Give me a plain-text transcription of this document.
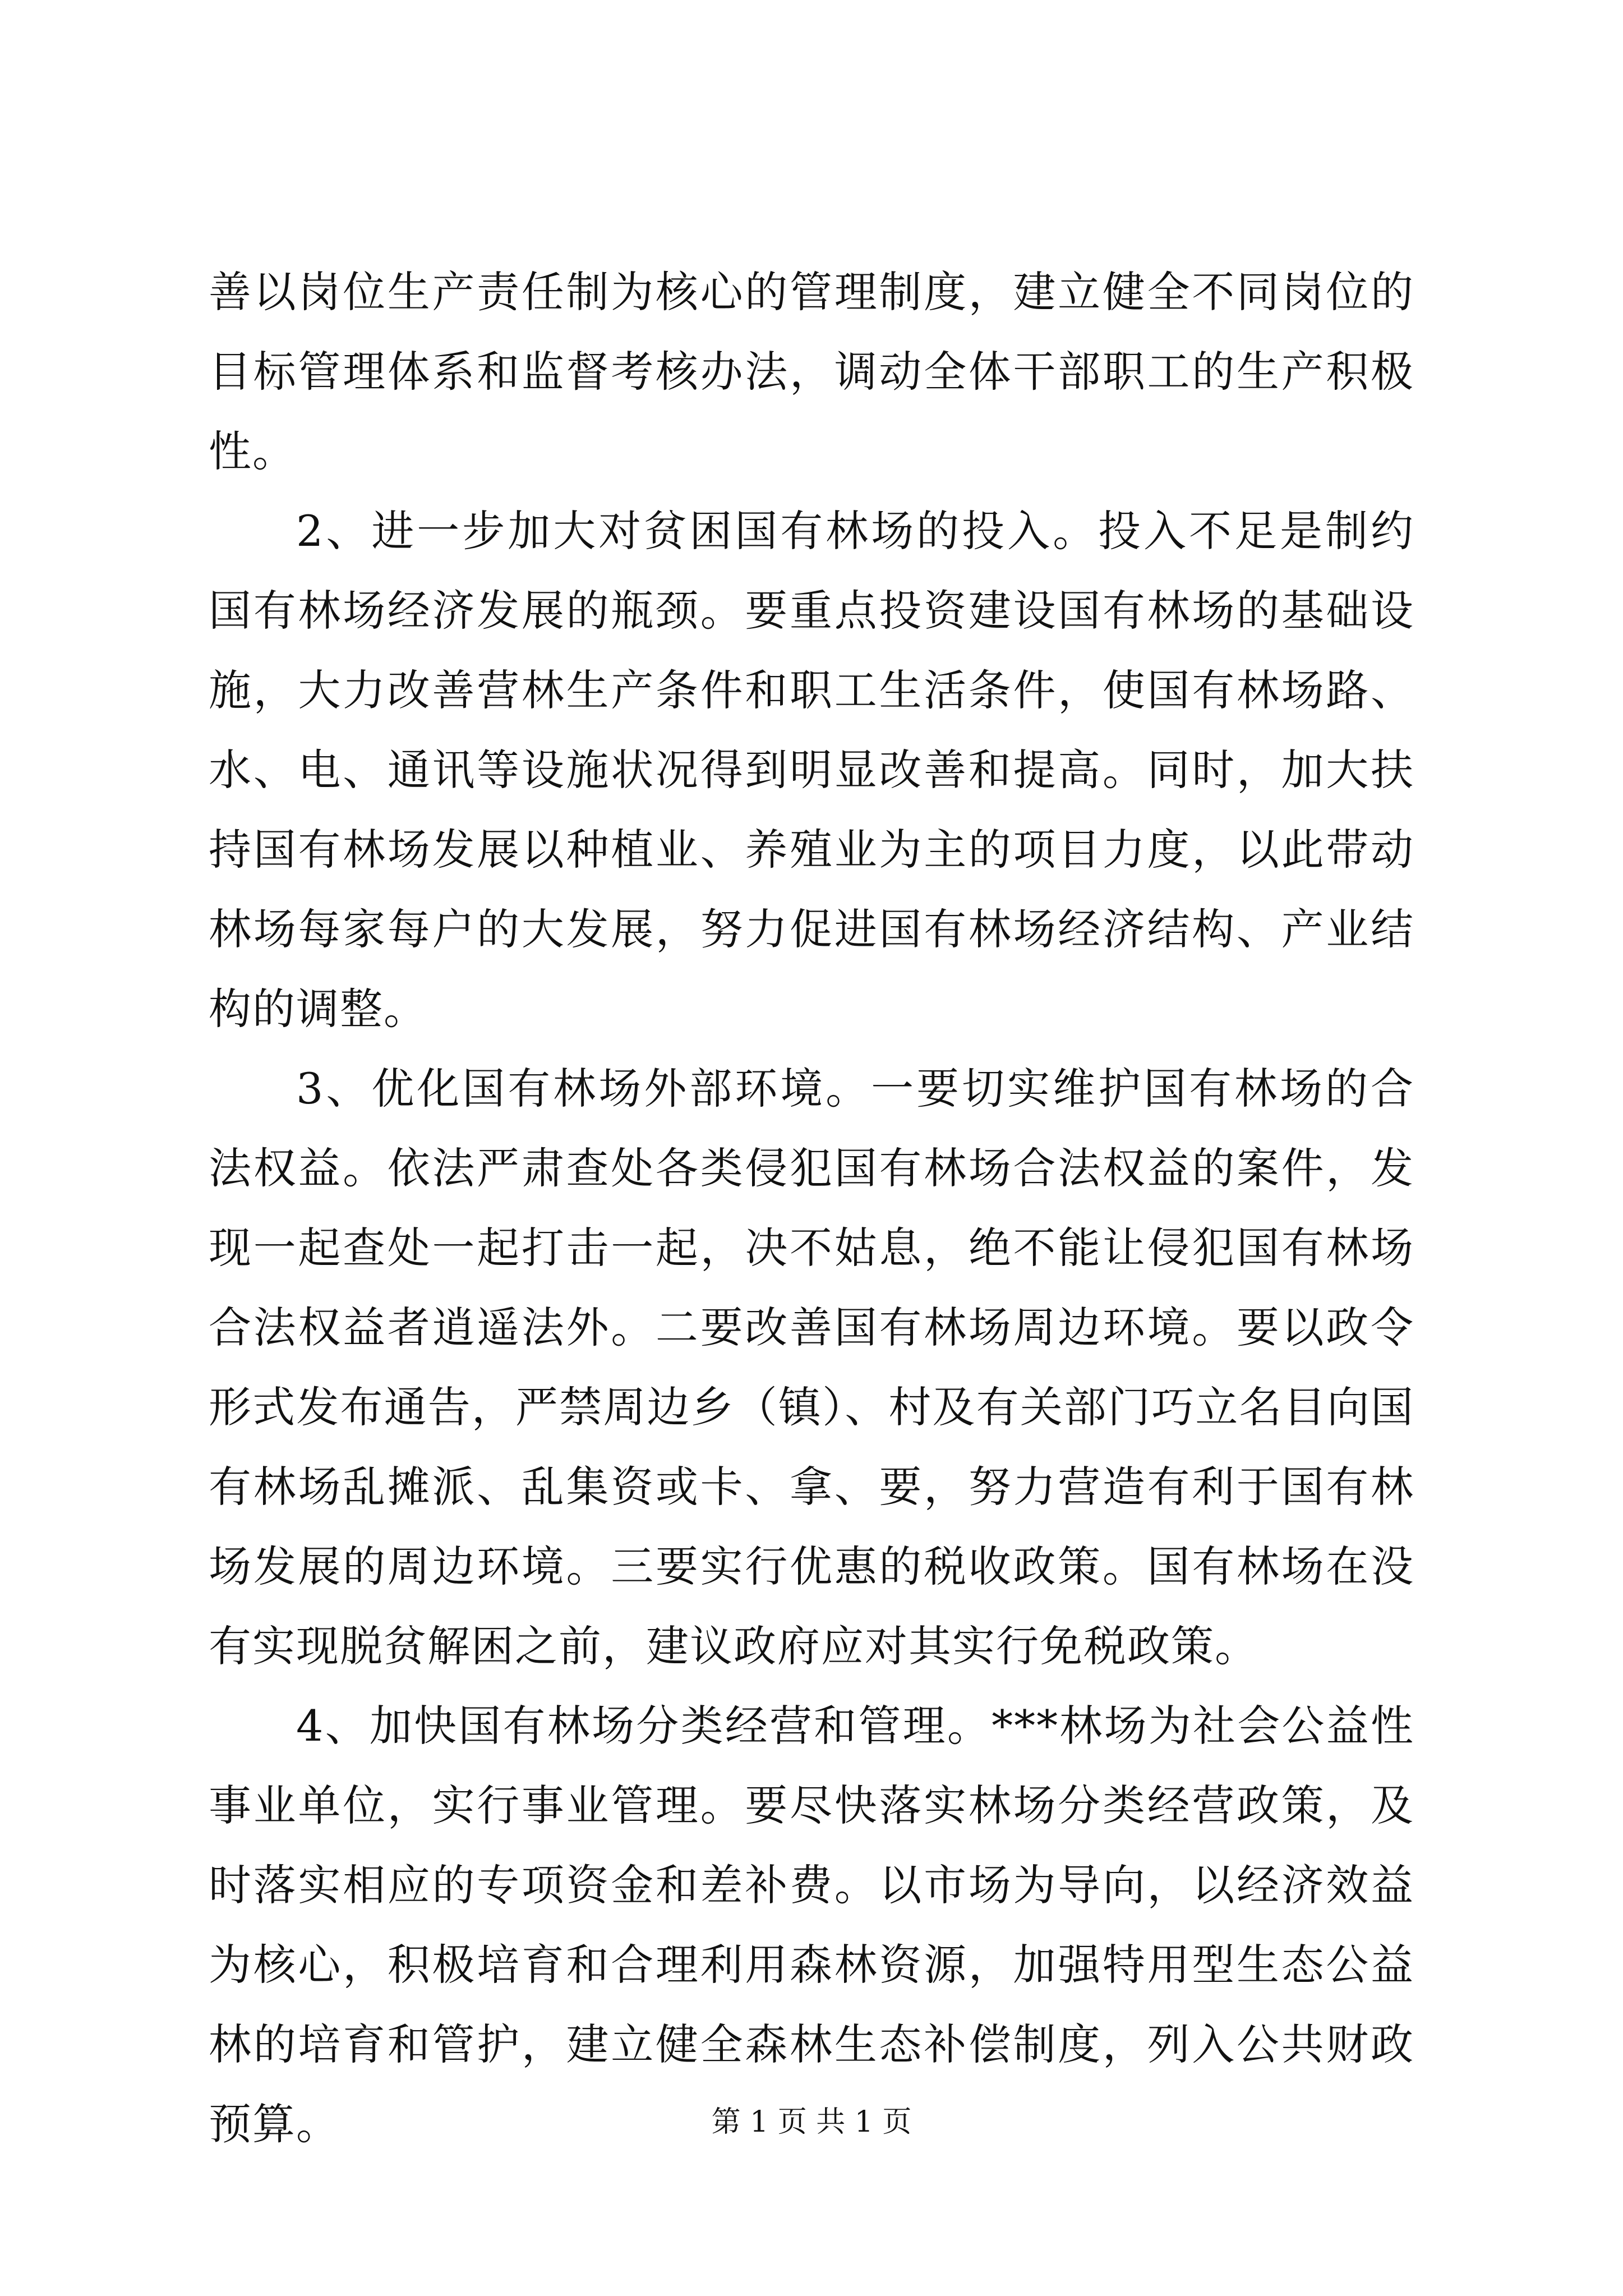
善以岗位生产责任制为核心的管理制度，建立健全不同岗位的目标管理体系和监督考核办法，调动全体干部职工的生产积极性。

2、进一步加大对贫困国有林场的投入。投入不足是制约国有林场经济发展的瓶颈。要重点投资建设国有林场的基础设施，大力改善营林生产条件和职工生活条件，使国有林场路、水、电、通讯等设施状况得到明显改善和提高。同时，加大扶持国有林场发展以种植业、养殖业为主的项目力度，以此带动林场每家每户的大发展，努力促进国有林场经济结构、产业结构的调整。

3、优化国有林场外部环境。一要切实维护国有林场的合法权益。依法严肃查处各类侵犯国有林场合法权益的案件，发现一起查处一起打击一起，决不姑息，绝不能让侵犯国有林场合法权益者逍遥法外。二要改善国有林场周边环境。要以政令形式发布通告，严禁周边乡（镇）、村及有关部门巧立名目向国有林场乱摊派、乱集资或卡、拿、要，努力营造有利于国有林场发展的周边环境。三要实行优惠的税收政策。国有林场在没有实现脱贫解困之前，建议政府应对其实行免税政策。

4、加快国有林场分类经营和管理。***林场为社会公益性事业单位，实行事业管理。要尽快落实林场分类经营政策，及时落实相应的专项资金和差补费。以市场为导向，以经济效益为核心，积极培育和合理利用森林资源，加强特用型生态公益林的培育和管护，建立健全森林生态补偿制度，列入公共财政预算。	第 1 页 共 1 页
